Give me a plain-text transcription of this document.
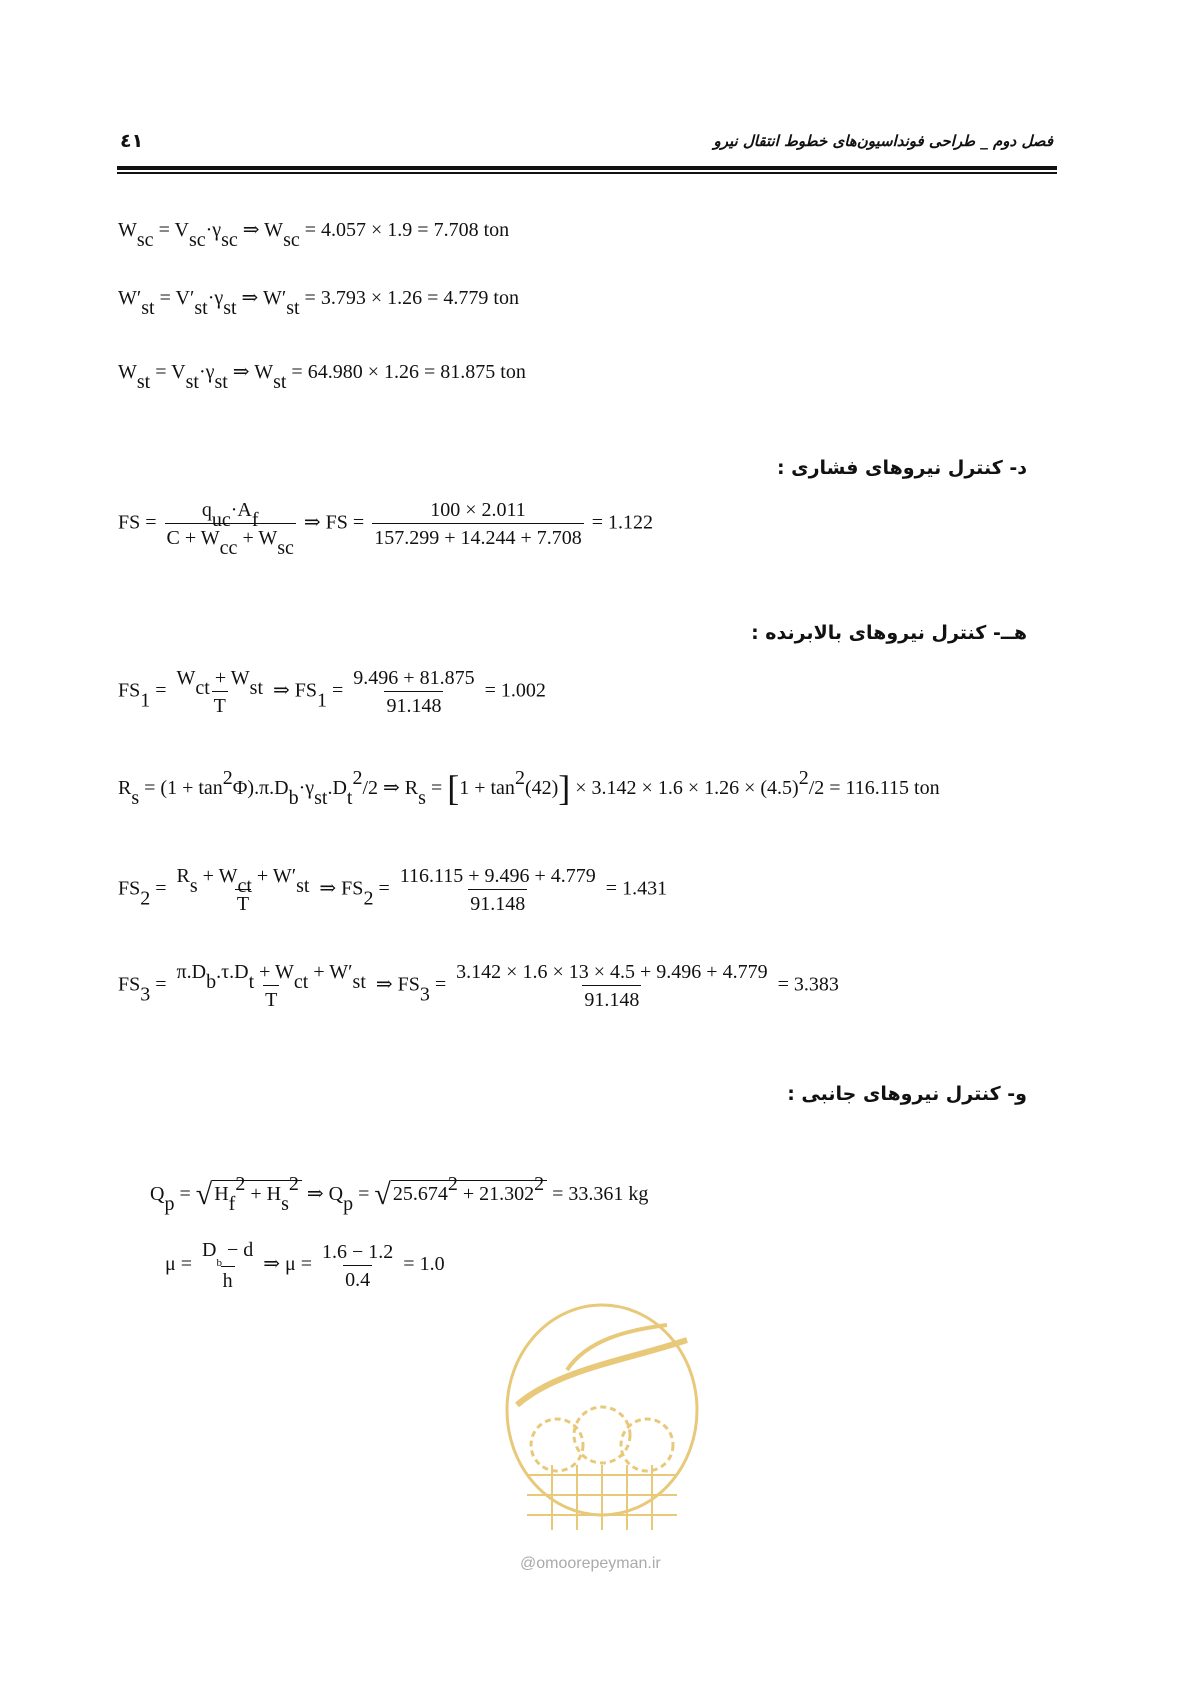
٤١	فصل دوم _ طراحی فونداسیون‌های خطوط انتقال نیرو
$W_{sc} = V_{sc}\cdot\gamma_{sc}$ ⇒ $W_{sc} = 4.057 \times 1.9 = 7.708$ ton
$W'_{st} = V'_{st}\cdot\gamma_{st}$ ⇒ $W'_{st} = 3.793 \times 1.26 = 4.779$ ton
$W_{st} = V_{st}\cdot\gamma_{st}$ ⇒ $W_{st} = 64.980 \times 1.26 = 81.875$ ton
د- کنترل نیروهای فشاری :
FS = $\frac{q_{uc}\cdot A_f}{C + W_{cc} + W_{sc}}$ ⇒ FS = $\frac{100 \times 2.011}{157.299 + 14.244 + 7.708} = 1.122$
هــ- کنترل نیروهای بالابرنده :
$FS_1 = \frac{W_{ct} + W_{st}}{T}$ ⇒ $FS_1 = \frac{9.496 + 81.875}{91.148} = 1.002$
$R_s = (1 + \tan^2\Phi).\pi.D_b\cdot\gamma_{st}.D_t^2/2$ ⇒ $R_s = [1 + \tan^2(42)] \times 3.142 \times 1.6 \times 1.26 \times (4.5)^2/2 = 116.115$ ton
$FS_2 = \frac{R_s + W_{ct} + W'_{st}}{T}$ ⇒ $FS_2 = \frac{116.115 + 9.496 + 4.779}{91.148} = 1.431$
$FS_3 = \frac{\pi.D_b.\tau.D_t + W_{ct} + W'_{st}}{T}$ ⇒ $FS_3 = \frac{3.142 \times 1.6 \times 13 \times 4.5 + 9.496 + 4.779}{91.148} = 3.383$
و- کنترل نیروهای جانبی :
$Q_p$ = √ $H_f^2 + H_s^2$ ⇒ $Q_p$ = √ $25.674^2 + 21.302^2 = 33.361$ kg
$\mu = \frac{D_b - d}{h}$ ⇒ $\mu = \frac{1.6 - 1.2}{0.4} = 1.0$
@omoorepeyman.ir
